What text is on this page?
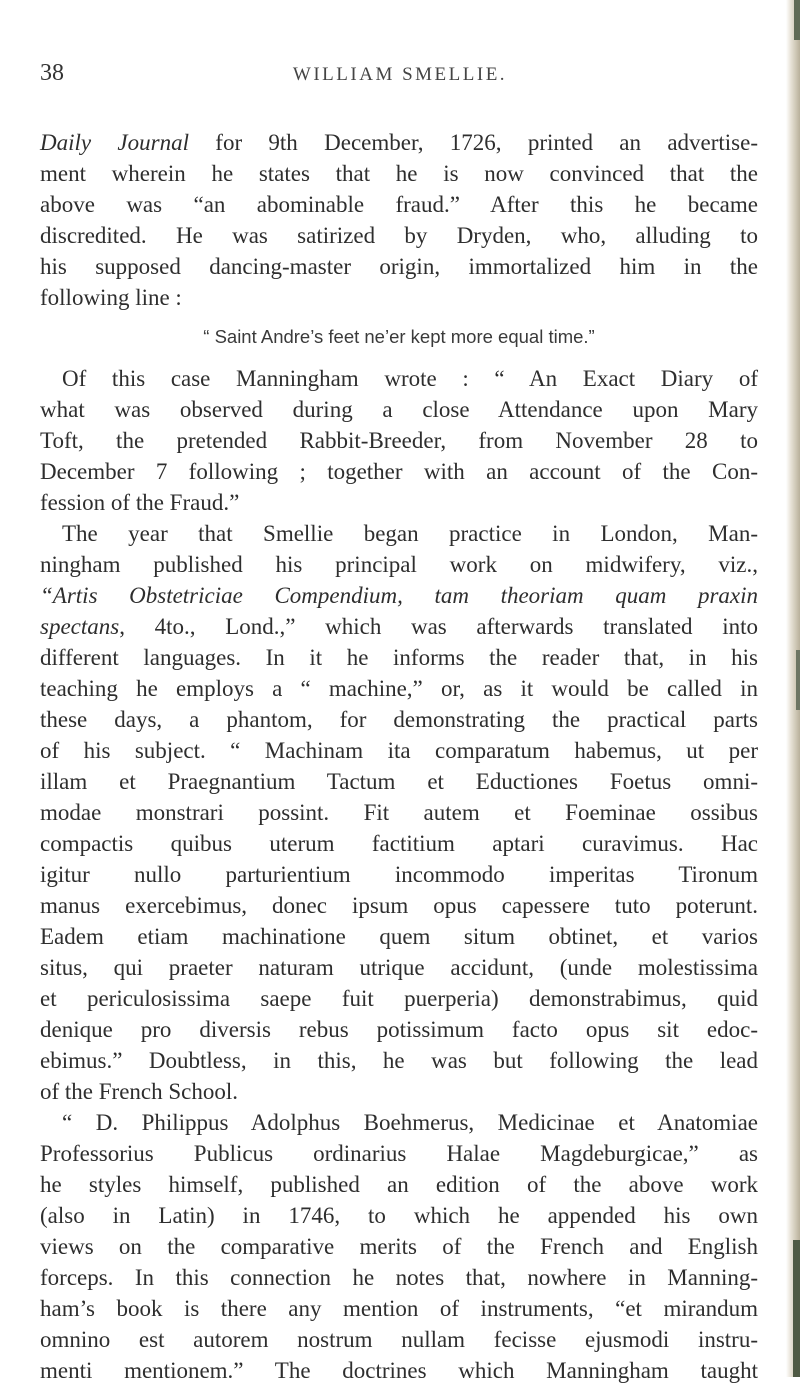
38	WILLIAM SMELLIE.

Daily Journal for 9th December, 1726, printed an advertise-
ment wherein he states that he is now convinced that the
above was “an abominable fraud.” After this he became
discredited. He was satirized by Dryden, who, alluding to
his supposed dancing-master origin, immortalized him in the
following line :

“ Saint Andre’s feet ne’er kept more equal time.”

Of this case Manningham wrote : “ An Exact Diary of
what was observed during a close Attendance upon Mary
Toft, the pretended Rabbit-Breeder, from November 28 to
December 7 following ; together with an account of the Con-
fession of the Fraud.”

The year that Smellie began practice in London, Man-
ningham published his principal work on midwifery, viz.,
“Artis Obstetriciae Compendium, tam theoriam quam praxin
spectans, 4to., Lond.,” which was afterwards translated into
different languages. In it he informs the reader that, in his
teaching he employs a “ machine,” or, as it would be called in
these days, a phantom, for demonstrating the practical parts
of his subject. “ Machinam ita comparatum habemus, ut per
illam et Praegnantium Tactum et Eductiones Foetus omni-
modae monstrari possint. Fit autem et Foeminae ossibus
compactis quibus uterum factitium aptari curavimus. Hac
igitur nullo parturientium incommodo imperitas Tironum
manus exercebimus, donec ipsum opus capessere tuto poterunt.
Eadem etiam machinatione quem situm obtinet, et varios
situs, qui praeter naturam utrique accidunt, (unde molestissima
et periculosissima saepe fuit puerperia) demonstrabimus, quid
denique pro diversis rebus potissimum facto opus sit edoc-
ebimus.” Doubtless, in this, he was but following the lead
of the French School.

“ D. Philippus Adolphus Boehmerus, Medicinae et Anatomiae
Professorius Publicus ordinarius Halae Magdeburgicae,” as
he styles himself, published an edition of the above work
(also in Latin) in 1746, to which he appended his own
views on the comparative merits of the French and English
forceps. In this connection he notes that, nowhere in Manning-
ham’s book is there any mention of instruments, “et mirandum
omnino est autorem nostrum nullam fecisse ejusmodi instru-
menti mentionem.” The doctrines which Manningham taught
